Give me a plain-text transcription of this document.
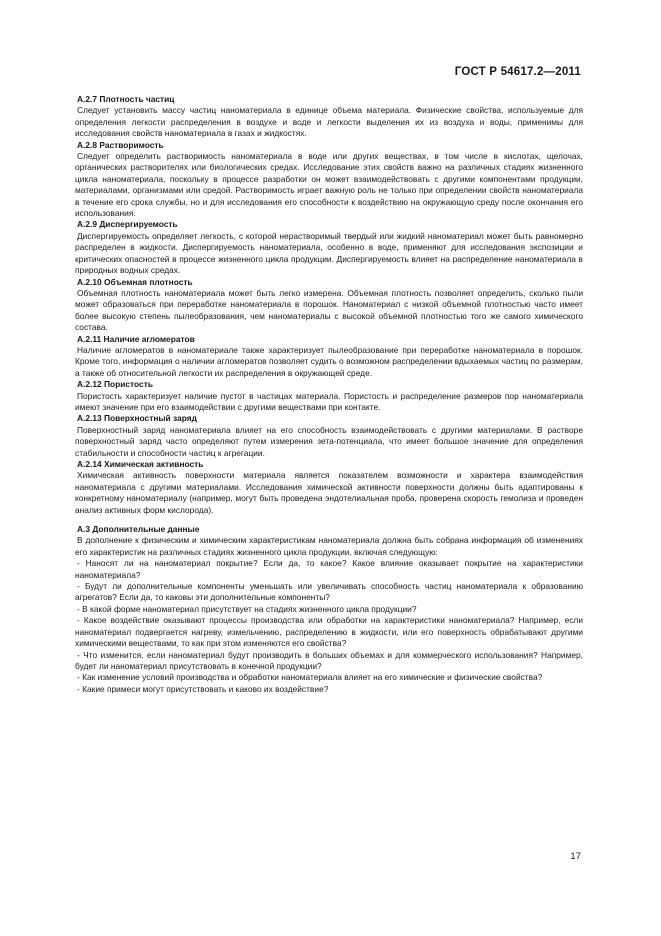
ГОСТ Р 54617.2—2011

А.2.7 Плотность частиц

Следует установить массу частиц наноматериала в единице объема материала. Физические свойства, используемые для определения легкости распределения в воздухе и воде и легкости выделения их из воздуха и воды, применимы для исследования свойств наноматериала в газах и жидкостях.

А.2.8 Растворимость

Следует определить растворимость наноматериала в воде или других веществах, в том числе в кислотах, щелочах, органических растворителях или биологических средах. Исследование этих свойств важно на различных стадиях жизненного цикла наноматериала, поскольку в процессе разработки он может взаимодействовать с другими компонентами продукции, материалами, организмами или средой. Растворимость играет важную роль не только при определении свойств наноматериала в течение его срока службы, но и для исследования его способности к воздействию на окружающую среду после окончания его использования.

А.2.9 Диспергируемость

Диспергируемость определяет легкость, с которой нерастворимый твердый или жидкий наноматериал может быть равномерно распределен в жидкости. Диспергируемость наноматериала, особенно в воде, применяют для исследования экспозиции и критических опасностей в процессе жизненного цикла продукции. Диспергируемость влияет на распределение наноматериала в природных водных средах.

А.2.10 Объемная плотность

Объемная плотность наноматериала может быть легко измерена. Объемная плотность позволяет определить, сколько пыли может образоваться при переработке наноматериала в порошок. Наноматериал с низкой объемной плотностью часто имеет более высокую степень пылеобразования, чем наноматериалы с высокой объемной плотностью того же самого химического состава.

А.2.11 Наличие агломератов

Наличие агломератов в наноматериале также характеризует пылеобразование при переработке наноматериала в порошок. Кроме того, информация о наличии агломератов позволяет судить о возможном распределении вдыхаемых частиц по размерам, а также об относительной легкости их распределения в окружающей среде.

А.2.12 Пористость

Пористость характеризует наличие пустот в частицах материала. Пористость и распределение размеров пор наноматериала имеют значение при его взаимодействии с другими веществами при контакте.

А.2.13 Поверхностный заряд

Поверхностный заряд наноматериала влияет на его способность взаимодействовать с другими материалами. В растворе поверхностный заряд часто определяют путем измерения зета-потенциала, что имеет большое значение для определения стабильности и способности частиц к агрегации.

А.2.14 Химическая активность

Химическая активность поверхности материала является показателем возможности и характера взаимодействия наноматериала с другими материалами. Исследования химической активности поверхности должны быть адаптированы к конкретному наноматериалу (например, могут быть проведена эндотелиальная проба, проверена скорость гемолиза и проведен анализ активных форм кислорода).

А.3 Дополнительные данные

В дополнение к физическим и химическим характеристикам наноматериала должна быть собрана информация об изменениях его характеристик на различных стадиях жизненного цикла продукции, включая следующую:

- Наносят ли на наноматериал покрытие? Если да, то какое? Какое влияние оказывает покрытие на характеристики наноматериала?

- Будут ли дополнительные компоненты уменьшать или увеличивать способность частиц наноматериала к образованию агрегатов? Если да, то каковы эти дополнительные компоненты?

- В какой форме наноматериал присутствует на стадиях жизненного цикла продукции?

- Какое воздействие оказывают процессы производства или обработки на характеристики наноматериала? Например, если наноматериал подвергается нагреву, измельчению, распределению в жидкости, или его поверхность обрабатывают другими химическими веществами, то как при этом изменяются его свойства?

- Что изменится, если наноматериал будут производить в больших объемах и для коммерческого использования? Например, будет ли наноматериал присутствовать в конечной продукции?

- Как изменение условий производства и обработки наноматериала влияет на его химические и физические свойства?

- Какие примеси могут присутствовать и каково их воздействие?

17
